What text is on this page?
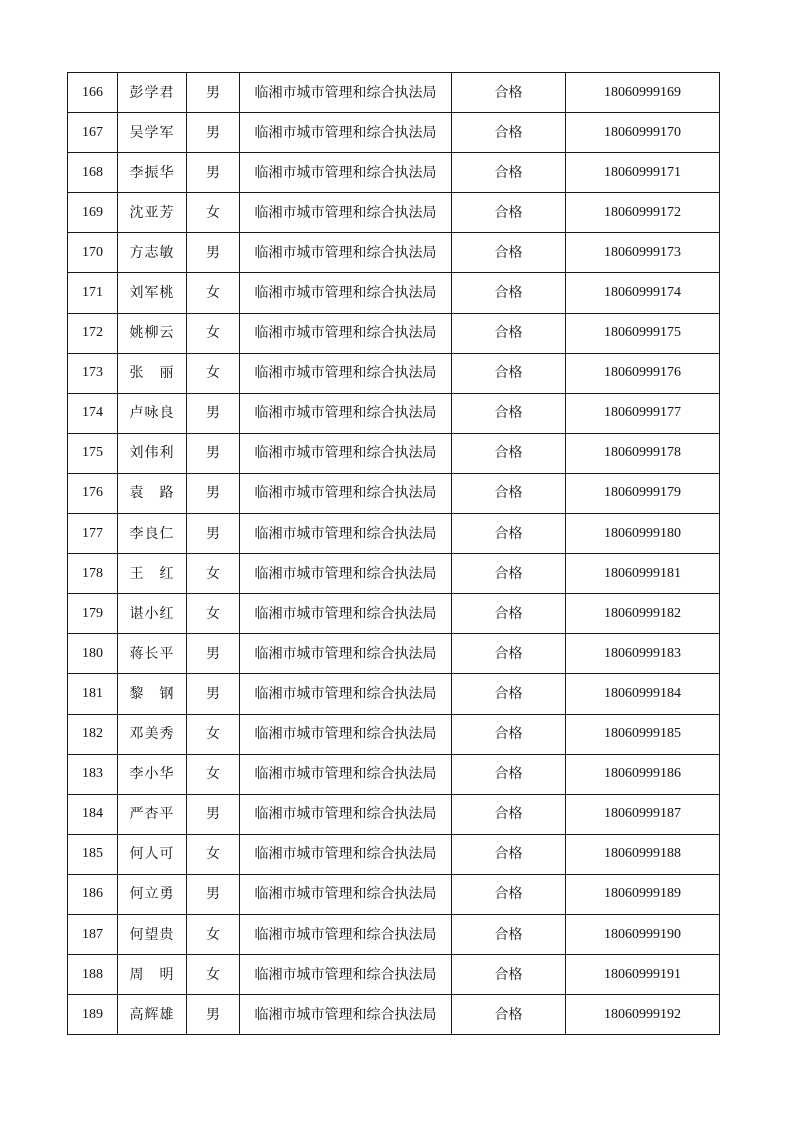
166	彭学君	男	临湘市城市管理和综合执法局	合格	18060999169
167	吴学军	男	临湘市城市管理和综合执法局	合格	18060999170
168	李振华	男	临湘市城市管理和综合执法局	合格	18060999171
169	沈亚芳	女	临湘市城市管理和综合执法局	合格	18060999172
170	方志敏	男	临湘市城市管理和综合执法局	合格	18060999173
171	刘军桃	女	临湘市城市管理和综合执法局	合格	18060999174
172	姚柳云	女	临湘市城市管理和综合执法局	合格	18060999175
173	张　丽	女	临湘市城市管理和综合执法局	合格	18060999176
174	卢咏良	男	临湘市城市管理和综合执法局	合格	18060999177
175	刘伟利	男	临湘市城市管理和综合执法局	合格	18060999178
176	袁　路	男	临湘市城市管理和综合执法局	合格	18060999179
177	李良仁	男	临湘市城市管理和综合执法局	合格	18060999180
178	王　红	女	临湘市城市管理和综合执法局	合格	18060999181
179	谌小红	女	临湘市城市管理和综合执法局	合格	18060999182
180	蒋长平	男	临湘市城市管理和综合执法局	合格	18060999183
181	黎　钢	男	临湘市城市管理和综合执法局	合格	18060999184
182	邓美秀	女	临湘市城市管理和综合执法局	合格	18060999185
183	李小华	女	临湘市城市管理和综合执法局	合格	18060999186
184	严杏平	男	临湘市城市管理和综合执法局	合格	18060999187
185	何人可	女	临湘市城市管理和综合执法局	合格	18060999188
186	何立勇	男	临湘市城市管理和综合执法局	合格	18060999189
187	何望贵	女	临湘市城市管理和综合执法局	合格	18060999190
188	周　明	女	临湘市城市管理和综合执法局	合格	18060999191
189	高辉雄	男	临湘市城市管理和综合执法局	合格	18060999192
